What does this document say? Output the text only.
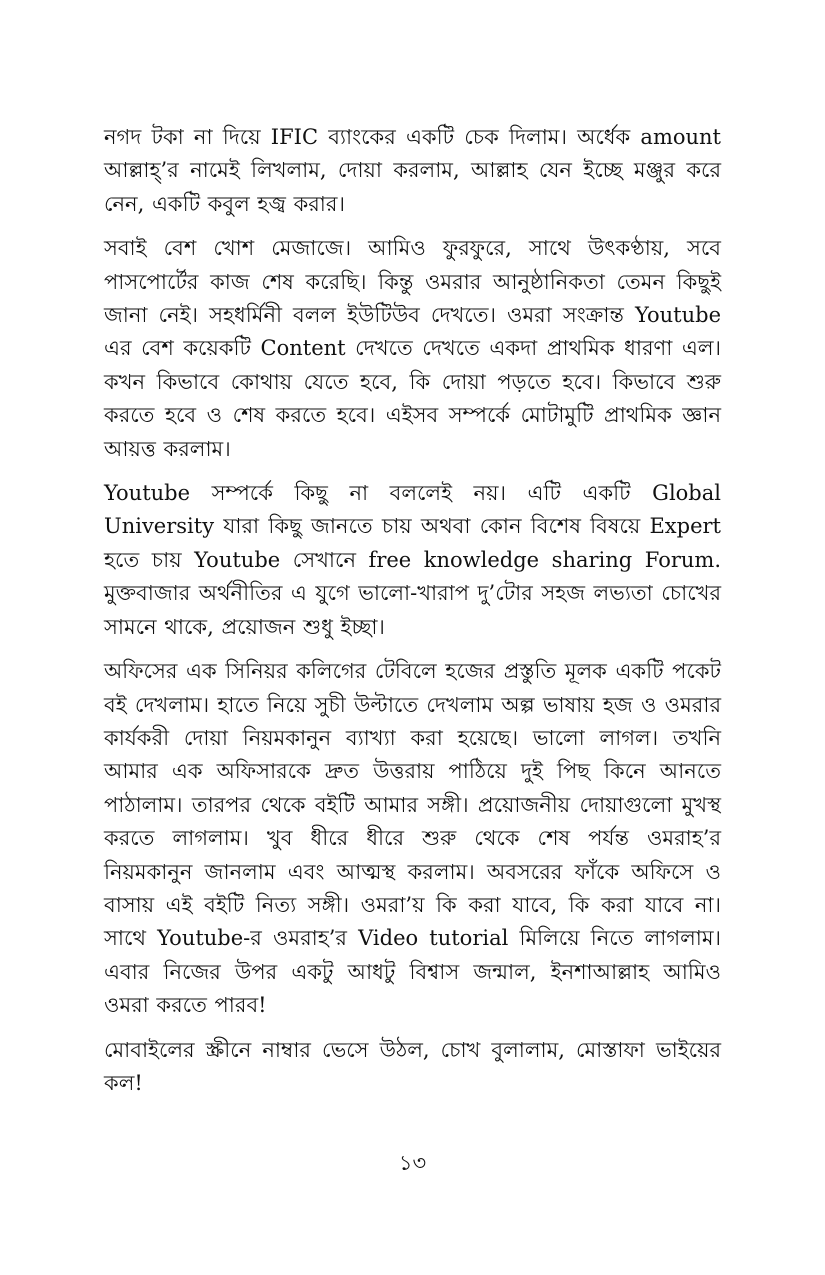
নগদ টকা না দিয়ে IFIC ব্যাংকের একটি চেক দিলাম। অর্ধেক amount আল্লাহ্’র নামেই লিখলাম, দোয়া করলাম, আল্লাহ যেন ইচ্ছে মঞ্জুর করে নেন, একটি কবুল হজ্ব করার।

সবাই বেশ খোশ মেজাজে। আমিও ফুরফুরে, সাথে উৎকণ্ঠায়, সবে পাসপোর্টের কাজ শেষ করেছি। কিন্তু ওমরার আনুষ্ঠানিকতা তেমন কিছুই জানা নেই। সহধর্মিনী বলল ইউটিউব দেখতে। ওমরা সংক্রান্ত Youtube এর বেশ কয়েকটি Content দেখতে দেখতে একদা প্রাথমিক ধারণা এল। কখন কিভাবে কোথায় যেতে হবে, কি দোয়া পড়তে হবে। কিভাবে শুরু করতে হবে ও শেষ করতে হবে। এইসব সম্পর্কে মোটামুটি প্রাথমিক জ্ঞান আয়ত্ত করলাম।

Youtube সম্পর্কে কিছু না বললেই নয়। এটি একটি Global University যারা কিছু জানতে চায় অথবা কোন বিশেষ বিষয়ে Expert হতে চায় Youtube সেখানে free knowledge sharing Forum. মুক্তবাজার অর্থনীতির এ যুগে ভালো-খারাপ দু’টোর সহজ লভ্যতা চোখের সামনে থাকে, প্রয়োজন শুধু ইচ্ছা।

অফিসের এক সিনিয়র কলিগের টেবিলে হজের প্রস্তুতি মূলক একটি পকেট বই দেখলাম। হাতে নিয়ে সুচী উল্টাতে দেখলাম অল্প ভাষায় হজ ও ওমরার কার্যকরী দোয়া নিয়মকানুন ব্যাখ্যা করা হয়েছে। ভালো লাগল। তখনি আমার এক অফিসারকে দ্রুত উত্তরায় পাঠিয়ে দুই পিছ কিনে আনতে পাঠালাম। তারপর থেকে বইটি আমার সঙ্গী। প্রয়োজনীয় দোয়াগুলো মুখস্থ করতে লাগলাম। খুব ধীরে ধীরে শুরু থেকে শেষ পর্যন্ত ওমরাহ’র নিয়মকানুন জানলাম এবং আত্মস্থ করলাম। অবসরের ফাঁকে অফিসে ও বাসায় এই বইটি নিত্য সঙ্গী। ওমরা’য় কি করা যাবে, কি করা যাবে না। সাথে Youtube-র ওমরাহ’র Video tutorial মিলিয়ে নিতে লাগলাম। এবার নিজের উপর একটু আধটু বিশ্বাস জন্মাল, ইনশাআল্লাহ আমিও ওমরা করতে পারব!

মোবাইলের স্ক্রীনে নাম্বার ভেসে উঠল, চোখ বুলালাম, মোস্তাফা ভাইয়ের কল!

১৩
